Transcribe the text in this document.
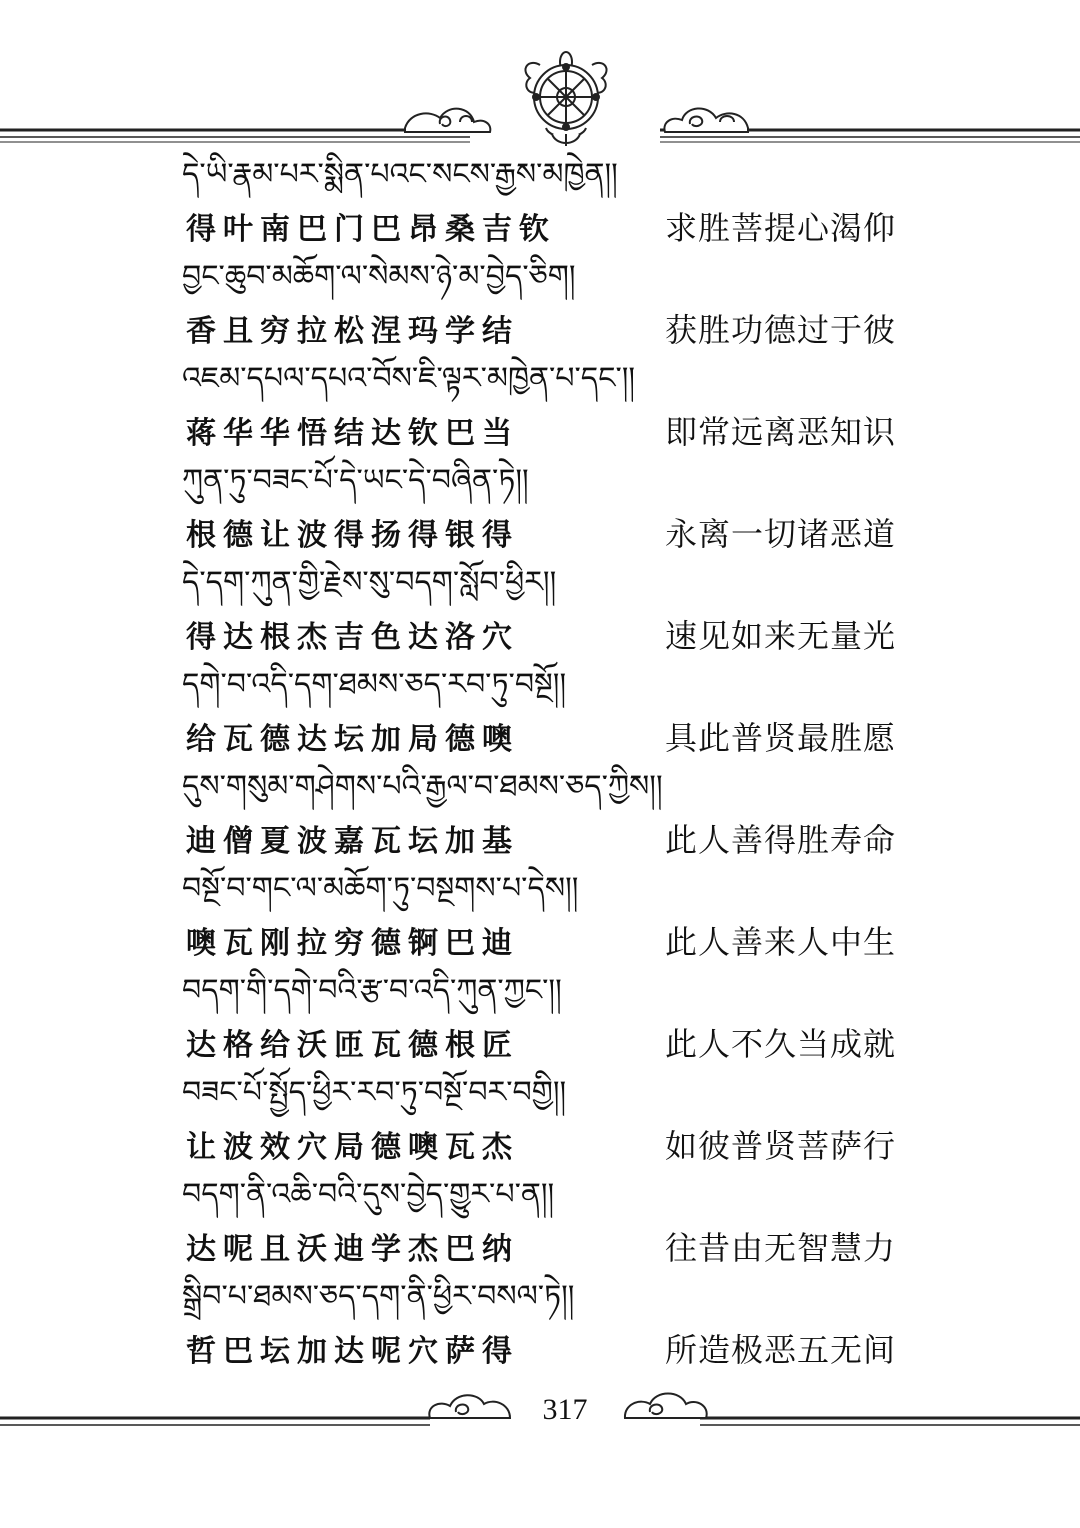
དེ་ཡི་རྣམ་པར་སྨིན་པའང་སངས་རྒྱས་མཁྱེན།།
得叶南巴门巴昂桑吉钦	求胜菩提心渴仰
བྱང་ཆུབ་མཆོག་ལ་སེམས་ཉེ་མ་བྱེད་ཅིག།
香且穷拉松涅玛学结	获胜功德过于彼
འཇམ་དཔལ་དཔའ་བོས་ཇི་ལྟར་མཁྱེན་པ་དང་།།
蒋华华悟结达钦巴当	即常远离恶知识
ཀུན་ཏུ་བཟང་པོ་དེ་ཡང་དེ་བཞིན་ཏེ།།
根德让波得扬得银得	永离一切诸恶道
དེ་དག་ཀུན་གྱི་རྗེས་སུ་བདག་སློབ་ཕྱིར།།
得达根杰吉色达洛穴	速见如来无量光
དགེ་བ་འདི་དག་ཐམས་ཅད་རབ་ཏུ་བསྔོ།།
给瓦德达坛加局德噢	具此普贤最胜愿
དུས་གསུམ་གཤེགས་པའི་རྒྱལ་བ་ཐམས་ཅད་ཀྱིས།།
迪僧夏波嘉瓦坛加基	此人善得胜寿命
བསྔོ་བ་གང་ལ་མཆོག་ཏུ་བསྔགས་པ་དེས།།
噢瓦刚拉穷德锕巴迪	此人善来人中生
བདག་གི་དགེ་བའི་རྩ་བ་འདི་ཀུན་ཀྱང་།།
达格给沃匝瓦德根匠	此人不久当成就
བཟང་པོ་སྤྱོད་ཕྱིར་རབ་ཏུ་བསྔོ་བར་བགྱི།།
让波效穴局德噢瓦杰	如彼普贤菩萨行
བདག་ནི་འཆི་བའི་དུས་བྱེད་གྱུར་པ་ན།།
达呢且沃迪学杰巴纳	往昔由无智慧力
སྒྲིབ་པ་ཐམས་ཅད་དག་ནི་ཕྱིར་བསལ་ཏེ།།
哲巴坛加达呢穴萨得	所造极恶五无间
317
